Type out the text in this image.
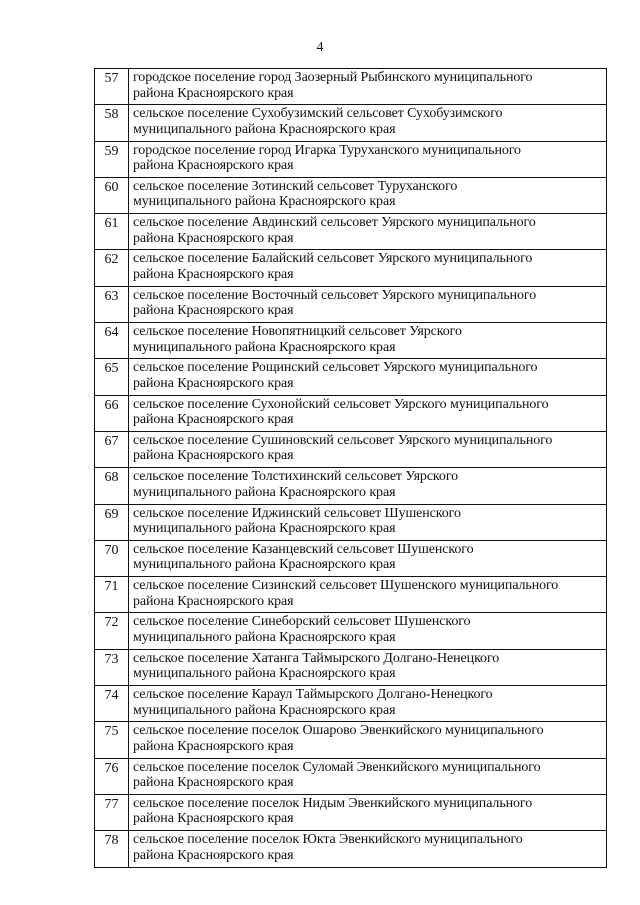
4
57	городское поселение город Заозерный Рыбинского муниципального
района Красноярского края

58	сельское поселение Сухобузимский сельсовет Сухобузимского
муниципального района Красноярского края

59	городское поселение город Игарка Туруханского муниципального
района Красноярского края

60	сельское поселение Зотинский сельсовет Туруханского
муниципального района Красноярского края

61	сельское поселение Авдинский сельсовет Уярского муниципального
района Красноярского края

62	сельское поселение Балайский сельсовет Уярского муниципального
района Красноярского края

63	сельское поселение Восточный сельсовет Уярского муниципального
района Красноярского края

64	сельское поселение Новопятницкий сельсовет Уярского
муниципального района Красноярского края

65	сельское поселение Рощинский сельсовет Уярского муниципального
района Красноярского края

66	сельское поселение Сухонойский сельсовет Уярского муниципального
района Красноярского края

67	сельское поселение Сушиновский сельсовет Уярского муниципального
района Красноярского края

68	сельское поселение Толстихинский сельсовет Уярского
муниципального района Красноярского края

69	сельское поселение Иджинский сельсовет Шушенского
муниципального района Красноярского края

70	сельское поселение Казанцевский сельсовет Шушенского
муниципального района Красноярского края

71	сельское поселение Сизинский сельсовет Шушенского муниципального
района Красноярского края

72	сельское поселение Синеборский сельсовет Шушенского
муниципального района Красноярского края

73	сельское поселение Хатанга Таймырского Долгано-Ненецкого
муниципального района Красноярского края

74	сельское поселение Караул Таймырского Долгано-Ненецкого
муниципального района Красноярского края

75	сельское поселение поселок Ошарово Эвенкийского муниципального
района Красноярского края

76	сельское поселение поселок Суломай Эвенкийского муниципального
района Красноярского края

77	сельское поселение поселок Нидым Эвенкийского муниципального
района Красноярского края

78	сельское поселение поселок Юкта Эвенкийского муниципального
района Красноярского края
